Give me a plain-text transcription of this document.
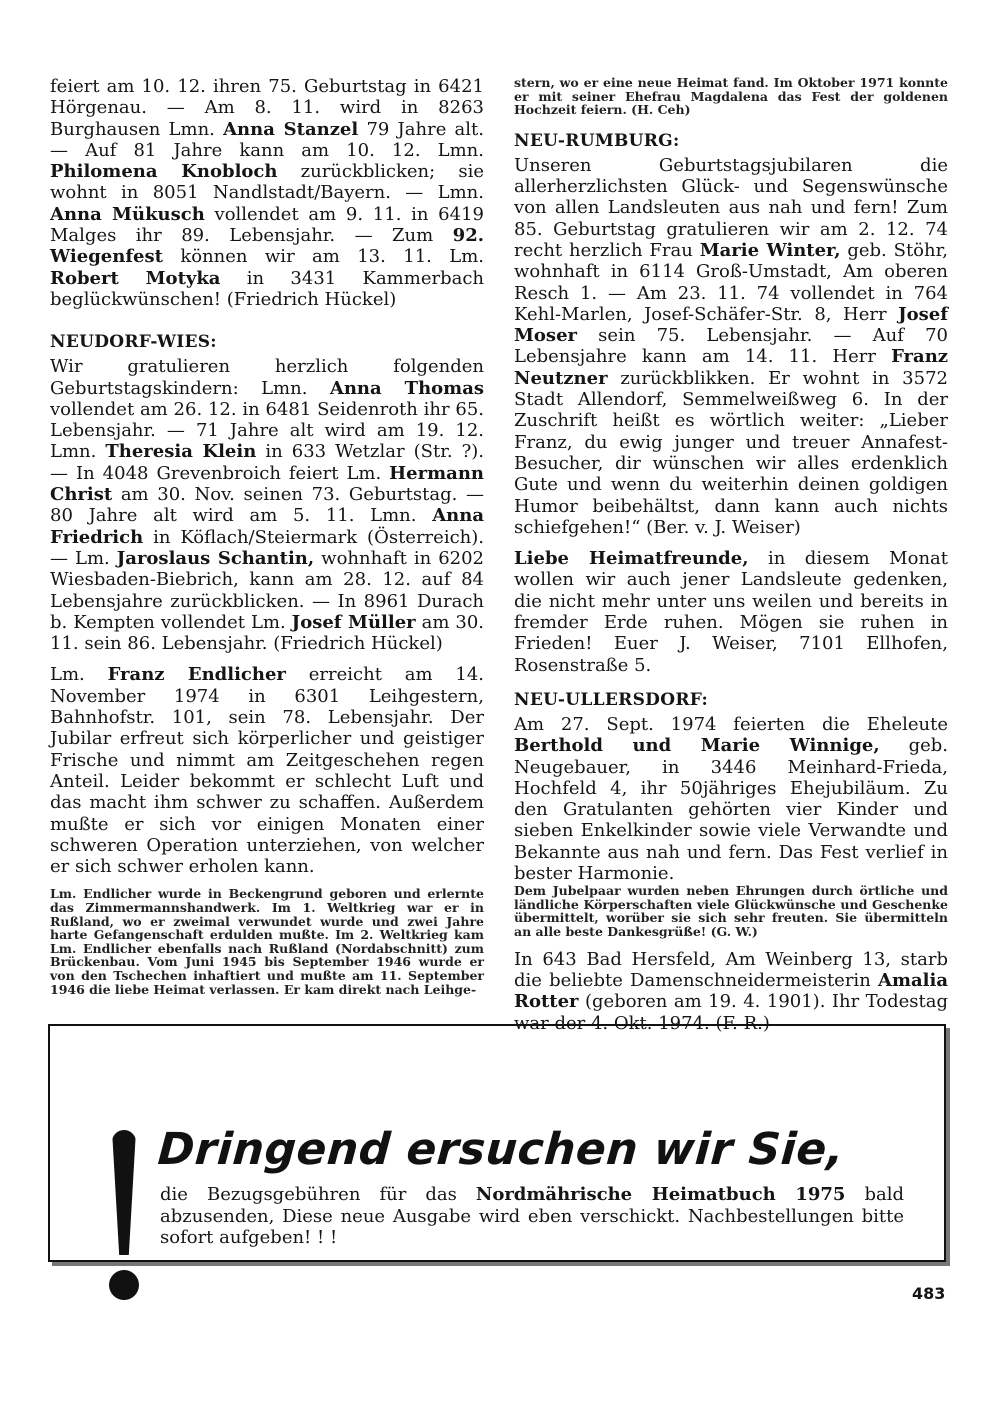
feiert am 10. 12. ihren 75. Geburtstag in 6421 Hörgenau. — Am 8. 11. wird in 8263 Burghausen Lmn. Anna Stanzel 79 Jahre alt. — Auf 81 Jahre kann am 10. 12. Lmn. Philomena Knobloch zurückblicken; sie wohnt in 8051 Nandlstadt/Bayern. — Lmn. Anna Mükusch vollendet am 9. 11. in 6419 Malges ihr 89. Lebensjahr. — Zum 92. Wiegenfest können wir am 13. 11. Lm. Robert Motyka in 3431 Kammerbach beglückwünschen! (Friedrich Hückel)

NEUDORF-WIES:

Wir gratulieren herzlich folgenden Geburtstagskindern: Lmn. Anna Thomas vollendet am 26. 12. in 6481 Seidenroth ihr 65. Lebensjahr. — 71 Jahre alt wird am 19. 12. Lmn. Theresia Klein in 633 Wetzlar (Str. ?). — In 4048 Grevenbroich feiert Lm. Hermann Christ am 30. Nov. seinen 73. Geburtstag. — 80 Jahre alt wird am 5. 11. Lmn. Anna Friedrich in Köflach/Steiermark (Österreich). — Lm. Jaroslaus Schantin, wohnhaft in 6202 Wiesbaden-Biebrich, kann am 28. 12. auf 84 Lebensjahre zurückblicken. — In 8961 Durach b. Kempten vollendet Lm. Josef Müller am 30. 11. sein 86. Lebensjahr. (Friedrich Hückel)

Lm. Franz Endlicher erreicht am 14. November 1974 in 6301 Leihgestern, Bahnhofstr. 101, sein 78. Lebensjahr. Der Jubilar erfreut sich körperlicher und geistiger Frische und nimmt am Zeitgeschehen regen Anteil. Leider bekommt er schlecht Luft und das macht ihm schwer zu schaffen. Außerdem mußte er sich vor einigen Monaten einer schweren Operation unterziehen, von welcher er sich schwer erholen kann.

Lm. Endlicher wurde in Beckengrund geboren und erlernte das Zimmermannshandwerk. Im 1. Weltkrieg war er in Rußland, wo er zweimal verwundet wurde und zwei Jahre harte Gefangenschaft erdulden mußte. Im 2. Weltkrieg kam Lm. Endlicher ebenfalls nach Rußland (Nordabschnitt) zum Brückenbau. Vom Juni 1945 bis September 1946 wurde er von den Tschechen inhaftiert und mußte am 11. September 1946 die liebe Heimat verlassen. Er kam direkt nach Leihge-

stern, wo er eine neue Heimat fand. Im Oktober 1971 konnte er mit seiner Ehefrau Magdalena das Fest der goldenen Hochzeit feiern. (H. Ceh)

NEU-RUMBURG:

Unseren Geburtstagsjubilaren die allerherzlichsten Glück- und Segenswünsche von allen Landsleuten aus nah und fern! Zum 85. Geburtstag gratulieren wir am 2. 12. 74 recht herzlich Frau Marie Winter, geb. Stöhr, wohnhaft in 6114 Groß-Umstadt, Am oberen Resch 1. — Am 23. 11. 74 vollendet in 764 Kehl-Marlen, Josef-Schäfer-Str. 8, Herr Josef Moser sein 75. Lebensjahr. — Auf 70 Lebensjahre kann am 14. 11. Herr Franz Neutzner zurückblikken. Er wohnt in 3572 Stadt Allendorf, Semmelweißweg 6. In der Zuschrift heißt es wörtlich weiter: „Lieber Franz, du ewig junger und treuer Annafest-Besucher, dir wünschen wir alles erdenklich Gute und wenn du weiterhin deinen goldigen Humor beibehältst, dann kann auch nichts schiefgehen!“ (Ber. v. J. Weiser)

Liebe Heimatfreunde, in diesem Monat wollen wir auch jener Landsleute gedenken, die nicht mehr unter uns weilen und bereits in fremder Erde ruhen. Mögen sie ruhen in Frieden! Euer J. Weiser, 7101 Ellhofen, Rosenstraße 5.

NEU-ULLERSDORF:

Am 27. Sept. 1974 feierten die Eheleute Berthold und Marie Winnige, geb. Neugebauer, in 3446 Meinhard-Frieda, Hochfeld 4, ihr 50jähriges Ehejubiläum. Zu den Gratulanten gehörten vier Kinder und sieben Enkelkinder sowie viele Verwandte und Bekannte aus nah und fern. Das Fest verlief in bester Harmonie.

Dem Jubelpaar wurden neben Ehrungen durch örtliche und ländliche Körperschaften viele Glückwünsche und Geschenke übermittelt, worüber sie sich sehr freuten. Sie übermitteln an alle beste Dankesgrüße! (G. W.)

In 643 Bad Hersfeld, Am Weinberg 13, starb die beliebte Damenschneidermeisterin Amalia Rotter (geboren am 19. 4. 1901). Ihr Todestag war der 4. Okt. 1974. (F. R.)

Dringend ersuchen wir Sie,

die Bezugsgebühren für das Nordmährische Heimatbuch 1975 bald abzusenden, Diese neue Ausgabe wird eben verschickt. Nachbestellungen bitte sofort aufgeben! ! !

483
